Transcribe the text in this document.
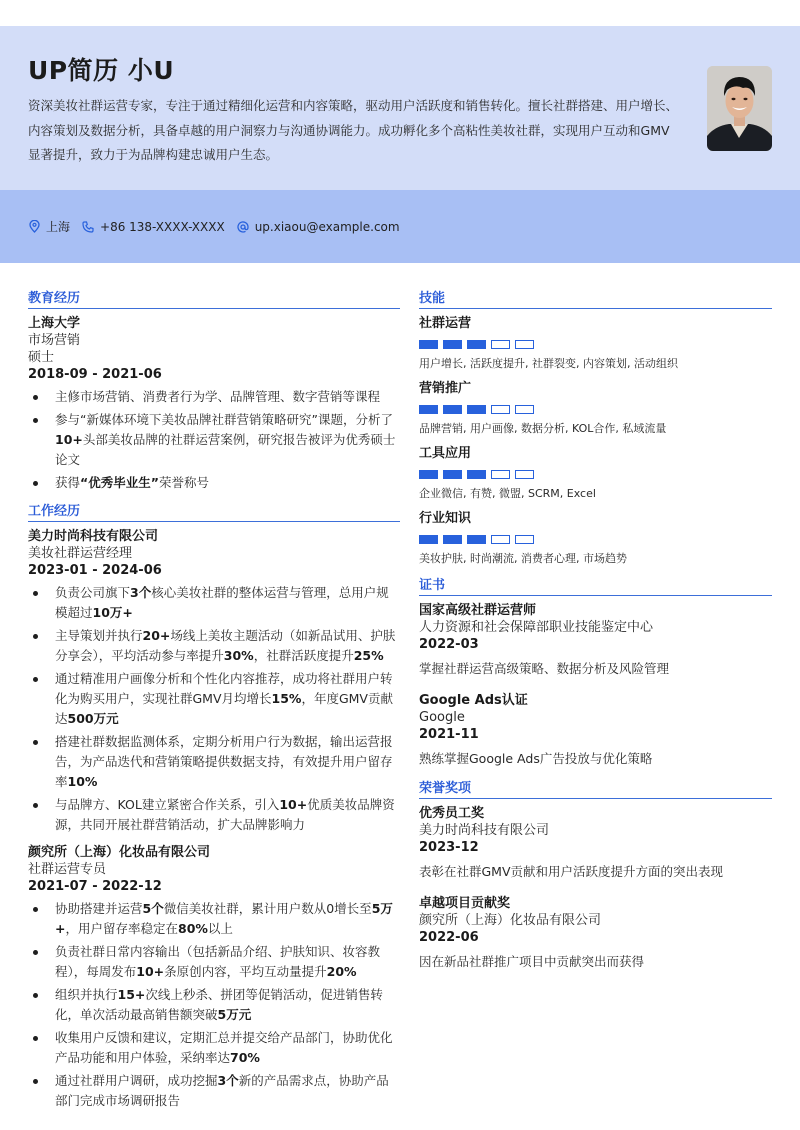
UP简历 小U

资深美妆社群运营专家，专注于通过精细化运营和内容策略，驱动用户活跃度和销售转化。擅长社群搭建、用户增长、内容策划及数据分析，具备卓越的用户洞察力与沟通协调能力。成功孵化多个高粘性美妆社群，实现用户互动和GMV显著提升，致力于为品牌构建忠诚用户生态。

上海	+86 138-XXXX-XXXX	up.xiaou@example.com
教育经历
上海大学
市场营销
硕士
2018-09 - 2021-06
主修市场营销、消费者行为学、品牌管理、数字营销等课程
参与“新媒体环境下美妆品牌社群营销策略研究”课题，分析了10+头部美妆品牌的社群运营案例，研究报告被评为优秀硕士论文
获得“优秀毕业生”荣誉称号
工作经历
美力时尚科技有限公司
美妆社群运营经理
2023-01 - 2024-06
负责公司旗下3个核心美妆社群的整体运营与管理，总用户规模超过10万+
主导策划并执行20+场线上美妆主题活动（如新品试用、护肤分享会），平均活动参与率提升30%，社群活跃度提升25%
通过精准用户画像分析和个性化内容推荐，成功将社群用户转化为购买用户，实现社群GMV月均增长15%，年度GMV贡献达500万元
搭建社群数据监测体系，定期分析用户行为数据，输出运营报告，为产品迭代和营销策略提供数据支持，有效提升用户留存率10%
与品牌方、KOL建立紧密合作关系，引入10+优质美妆品牌资源，共同开展社群营销活动，扩大品牌影响力
颜究所（上海）化妆品有限公司
社群运营专员
2021-07 - 2022-12
协助搭建并运营5个微信美妆社群，累计用户数从0增长至5万+，用户留存率稳定在80%以上
负责社群日常内容输出（包括新品介绍、护肤知识、妆容教程），每周发布10+条原创内容，平均互动量提升20%
组织并执行15+次线上秒杀、拼团等促销活动，促进销售转化，单次活动最高销售额突破5万元
收集用户反馈和建议，定期汇总并提交给产品部门，协助优化产品功能和用户体验，采纳率达70%
通过社群用户调研，成功挖掘3个新的产品需求点，协助产品部门完成市场调研报告
技能
社群运营
用户增长, 活跃度提升, 社群裂变, 内容策划, 活动组织
营销推广
品牌营销, 用户画像, 数据分析, KOL合作, 私域流量
工具应用
企业微信, 有赞, 微盟, SCRM, Excel
行业知识
美妆护肤, 时尚潮流, 消费者心理, 市场趋势
证书
国家高级社群运营师
人力资源和社会保障部职业技能鉴定中心
2022-03
掌握社群运营高级策略、数据分析及风险管理
Google Ads认证
Google
2021-11
熟练掌握Google Ads广告投放与优化策略
荣誉奖项
优秀员工奖
美力时尚科技有限公司
2023-12
表彰在社群GMV贡献和用户活跃度提升方面的突出表现
卓越项目贡献奖
颜究所（上海）化妆品有限公司
2022-06
因在新品社群推广项目中贡献突出而获得
